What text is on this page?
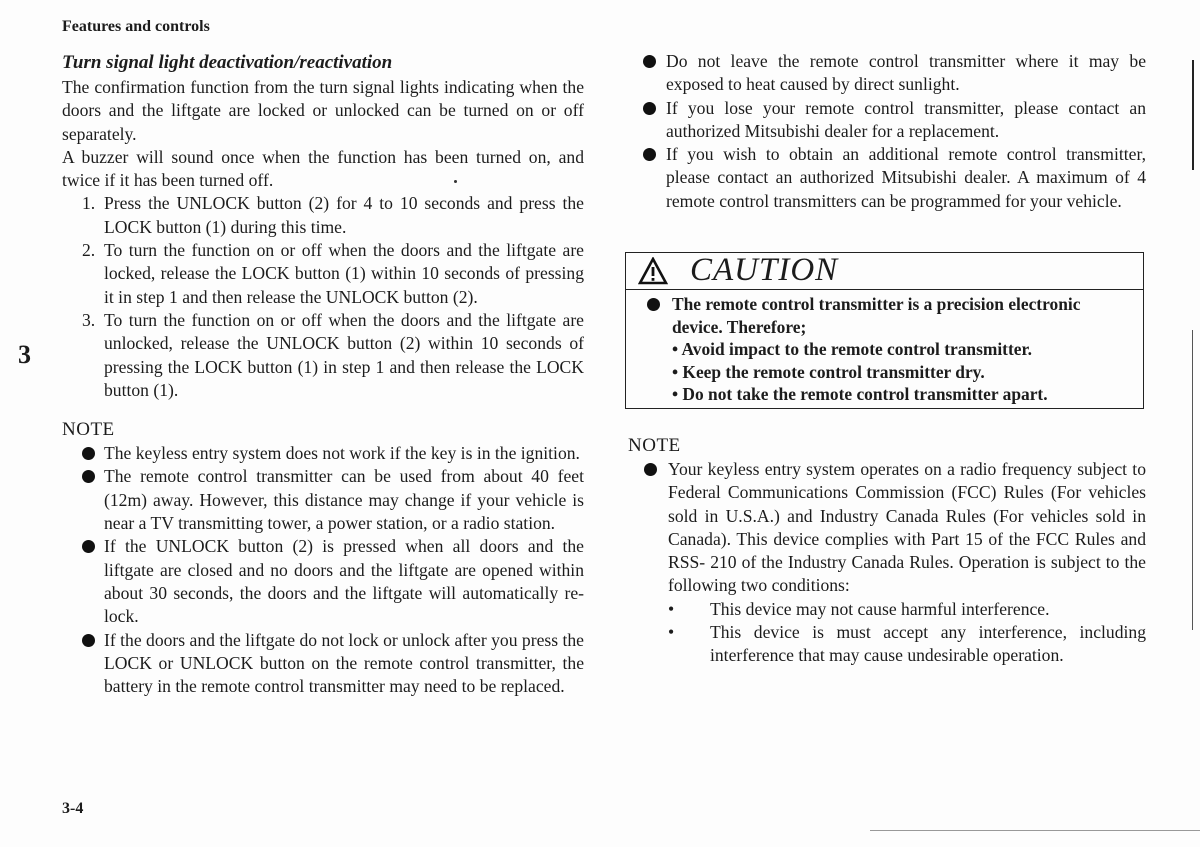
Features and controls
3
Turn signal light deactivation/reactivation

The confirmation function from the turn signal lights indicating when the doors and the liftgate are locked or unlocked can be turned on or off separately.

A buzzer will sound once when the function has been turned on, and twice if it has been turned off.

1. Press the UNLOCK button (2) for 4 to 10 seconds and press the LOCK button (1) during this time.
2. To turn the function on or off when the doors and the liftgate are locked, release the LOCK button (1) within 10 seconds of pressing it in step 1 and then release the UNLOCK button (2).
3. To turn the function on or off when the doors and the liftgate are unlocked, release the UNLOCK button (2) within 10 seconds of pressing the LOCK button (1) in step 1 and then release the LOCK button (1).
NOTE
The keyless entry system does not work if the key is in the ignition.
The remote control transmitter can be used from about 40 feet (12m) away. However, this distance may change if your vehicle is near a TV transmitting tower, a power station, or a radio station.
If the UNLOCK button (2) is pressed when all doors and the liftgate are closed and no doors and the liftgate are opened within about 30 seconds, the doors and the liftgate will automatically re-lock.
If the doors and the liftgate do not lock or unlock after you press the LOCK or UNLOCK button on the remote control transmitter, the battery in the remote control transmitter may need to be replaced.
Do not leave the remote control transmitter where it may be exposed to heat caused by direct sunlight.
If you lose your remote control transmitter, please contact an authorized Mitsubishi dealer for a replacement.
If you wish to obtain an additional remote control transmitter, please contact an authorized Mitsubishi dealer. A maximum of 4 remote control transmitters can be programmed for your vehicle.
CAUTION
The remote control transmitter is a precision electronic device. Therefore;
• Avoid impact to the remote control transmitter.
• Keep the remote control transmitter dry.
• Do not take the remote control transmitter apart.
NOTE
Your keyless entry system operates on a radio frequency subject to Federal Communications Commission (FCC) Rules (For vehicles sold in U.S.A.) and Industry Canada Rules (For vehicles sold in Canada). This device complies with Part 15 of the FCC Rules and RSS- 210 of the Industry Canada Rules. Operation is subject to the following two conditions:
• This device may not cause harmful interference.
• This device is must accept any interference, including interference that may cause undesirable operation.
3-4
